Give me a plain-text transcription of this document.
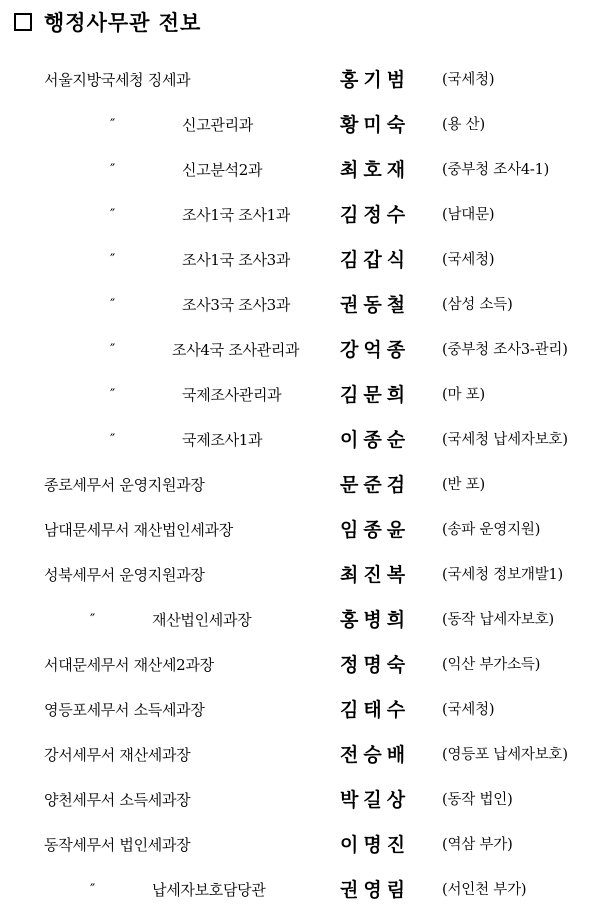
행정사무관 전보
서울지방국세청 징세과	홍기범 (국세청)
″	신고관리과	황미숙 (용 산)
″	신고분석2과	최호재 (중부청 조사4-1)
″	조사1국 조사1과	김정수 (남대문)
″	조사1국 조사3과	김갑식 (국세청)
″	조사3국 조사3과	권동철 (삼성 소득)
″	조사4국 조사관리과 강억종 (중부청 조사3-관리)
″	국제조사관리과	김문희 (마 포)
″	국제조사1과	이종순 (국세청 납세자보호)
종로세무서 운영지원과장	문준검 (반 포)
남대문세무서 재산법인세과장	임종윤 (송파 운영지원)
성북세무서 운영지원과장	최진복 (국세청 정보개발1)
″	재산법인세과장	홍병희 (동작 납세자보호)
서대문세무서 재산세2과장	정명숙 (익산 부가소득)
영등포세무서 소득세과장	김태수 (국세청)
강서세무서 재산세과장	전승배 (영등포 납세자보호)
양천세무서 소득세과장	박길상 (동작 법인)
동작세무서 법인세과장	이명진 (역삼 부가)
″	납세자보호담당관	권영림 (서인천 부가)
